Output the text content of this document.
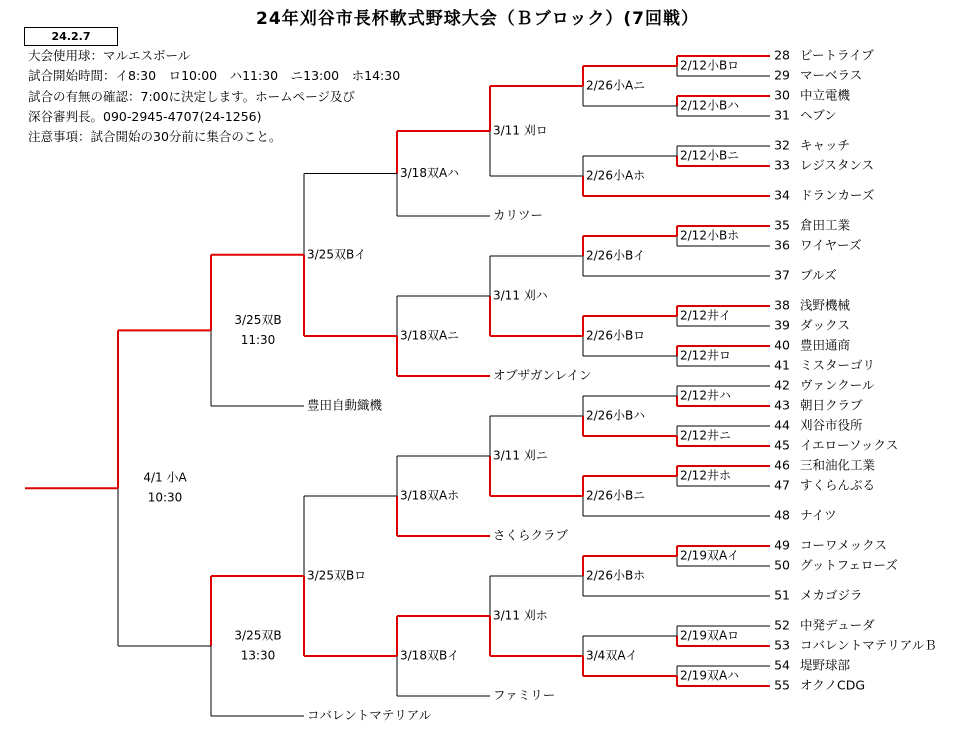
24年刈谷市長杯軟式野球大会（Ｂブロック）(7回戦）
24.2.7
大会使用球：マルエスボール
試合開始時間：イ8:30　ロ10:00　ハ11:30　ニ13:00　ホ14:30
試合の有無の確認：7:00に決定します。ホームページ及び
深谷審判長。090-2945-4707(24-1256)
注意事項：試合開始の30分前に集合のこと。
28 ビートライブ
29 マーベラス
30 中立電機
31 ヘブン
32 キャッチ
33 レジスタンス
34 ドランカーズ
35 倉田工業
36 ワイヤーズ
37 ブルズ
38 浅野機械
39 ダックス
40 豊田通商
41 ミスターゴリ
42 ヴァンクール
43 朝日クラブ
44 刈谷市役所
45 イエローソックス
46 三和油化工業
47 すくらんぶる
48 ナイツ
49 コーワメックス
50 グットフェローズ
51 メカゴジラ
52 中発デューダ
53 コバレントマテリアルＢ
54 堤野球部
55 オクノCDG
2/12小Bロ
2/12小Bハ
2/12小Bニ
2/12小Bホ
2/12井イ
2/12井ロ
2/12井ハ
2/12井ニ
2/12井ホ
2/19双Aイ
2/19双Aロ
2/19双Aハ
2/26小Aニ
2/26小Aホ
2/26小Bイ
2/26小Bロ
2/26小Bハ
2/26小Bニ
2/26小Bホ
3/4双Aイ
3/11 刈ロ
3/11 刈ハ
3/11 刈ニ
3/11 刈ホ
3/18双Aハ
カリツー
3/18双Aニ
オブザガンレイン
3/18双Aホ
さくらクラブ
3/18双Bイ
ファミリー
3/25双Bイ
3/25双Bロ
3/25双B
11:30
豊田自動織機
3/25双B
13:30
コバレントマテリアル
4/1 小A
10:30
